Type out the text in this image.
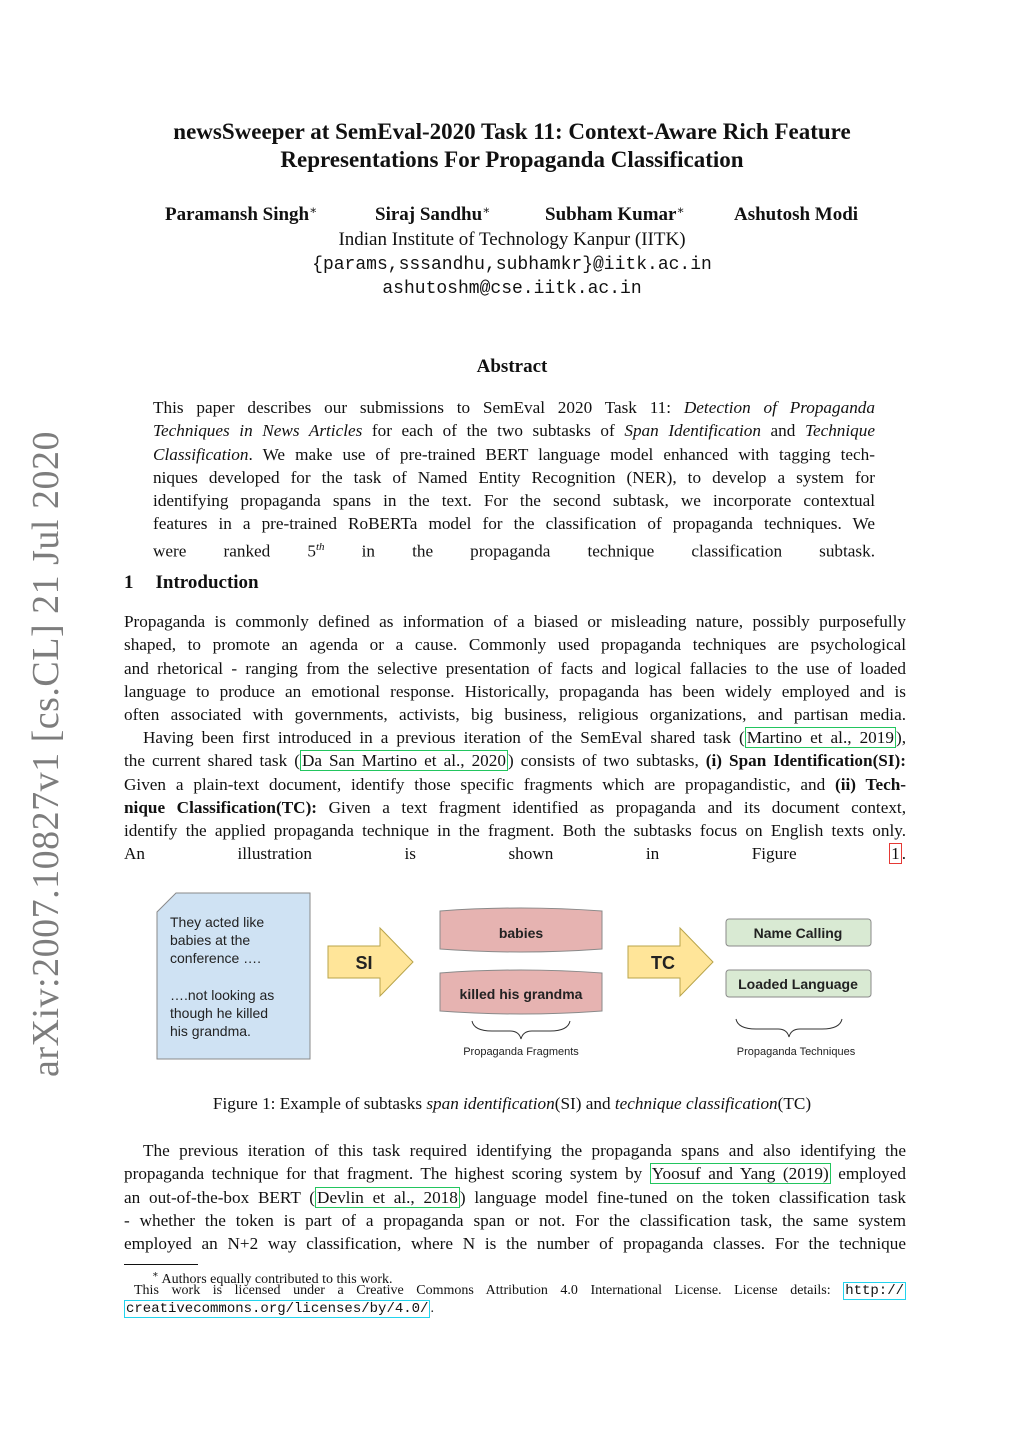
arXiv:2007.10827v1 [cs.CL] 21 Jul 2020
newsSweeper at SemEval-2020 Task 11: Context-Aware Rich Feature
Representations For Propaganda Classification
Paramansh Singh∗	Siraj Sandhu∗	Subham Kumar∗	Ashutosh Modi
Indian Institute of Technology Kanpur (IITK)
{params,sssandhu,subhamkr}@iitk.ac.in
ashutoshm@cse.iitk.ac.in
Abstract
This paper describes our submissions to SemEval 2020 Task 11: Detection of Propaganda
Techniques in News Articles for each of the two subtasks of Span Identification and Technique
Classification. We make use of pre-trained BERT language model enhanced with tagging tech-
niques developed for the task of Named Entity Recognition (NER), to develop a system for
identifying propaganda spans in the text. For the second subtask, we incorporate contextual
features in a pre-trained RoBERTa model for the classification of propaganda techniques. We
were ranked 5th in the propaganda technique classification subtask.
1 Introduction
Propaganda is commonly defined as information of a biased or misleading nature, possibly purposefully
shaped, to promote an agenda or a cause. Commonly used propaganda techniques are psychological
and rhetorical - ranging from the selective presentation of facts and logical fallacies to the use of loaded
language to produce an emotional response. Historically, propaganda has been widely employed and is
often associated with governments, activists, big business, religious organizations, and partisan media.
Having been first introduced in a previous iteration of the SemEval shared task ( Martino et al., 2019 ),
the current shared task ( Da San Martino et al., 2020 ) consists of two subtasks, (i) Span Identification(SI):
Given a plain-text document, identify those specific fragments which are propagandistic, and (ii) Tech-
nique Classification(TC): Given a text fragment identified as propaganda and its document context,
identify the applied propaganda technique in the fragment. Both the subtasks focus on English texts only.
An illustration is shown in Figure 1 .
They acted like
babies at the
conference ….
….not looking as
though he killed
his grandma.
SI
babies
killed his grandma
Propaganda Fragments
TC
Name Calling
Loaded Language
Propaganda Techniques
Figure 1: Example of subtasks span identification(SI) and technique classification(TC)
The previous iteration of this task required identifying the propaganda spans and also identifying the
propaganda technique for that fragment. The highest scoring system by Yoosuf and Yang (2019) employed
an out-of-the-box BERT ( Devlin et al., 2018 ) language model fine-tuned on the token classification task
- whether the token is part of a propaganda span or not. For the classification task, the same system
employed an N+2 way classification, where N is the number of propaganda classes. For the technique
∗ Authors equally contributed to this work.
This work is licensed under a Creative Commons Attribution 4.0 International License. License details: http://
creativecommons.org/licenses/by/4.0/ .
